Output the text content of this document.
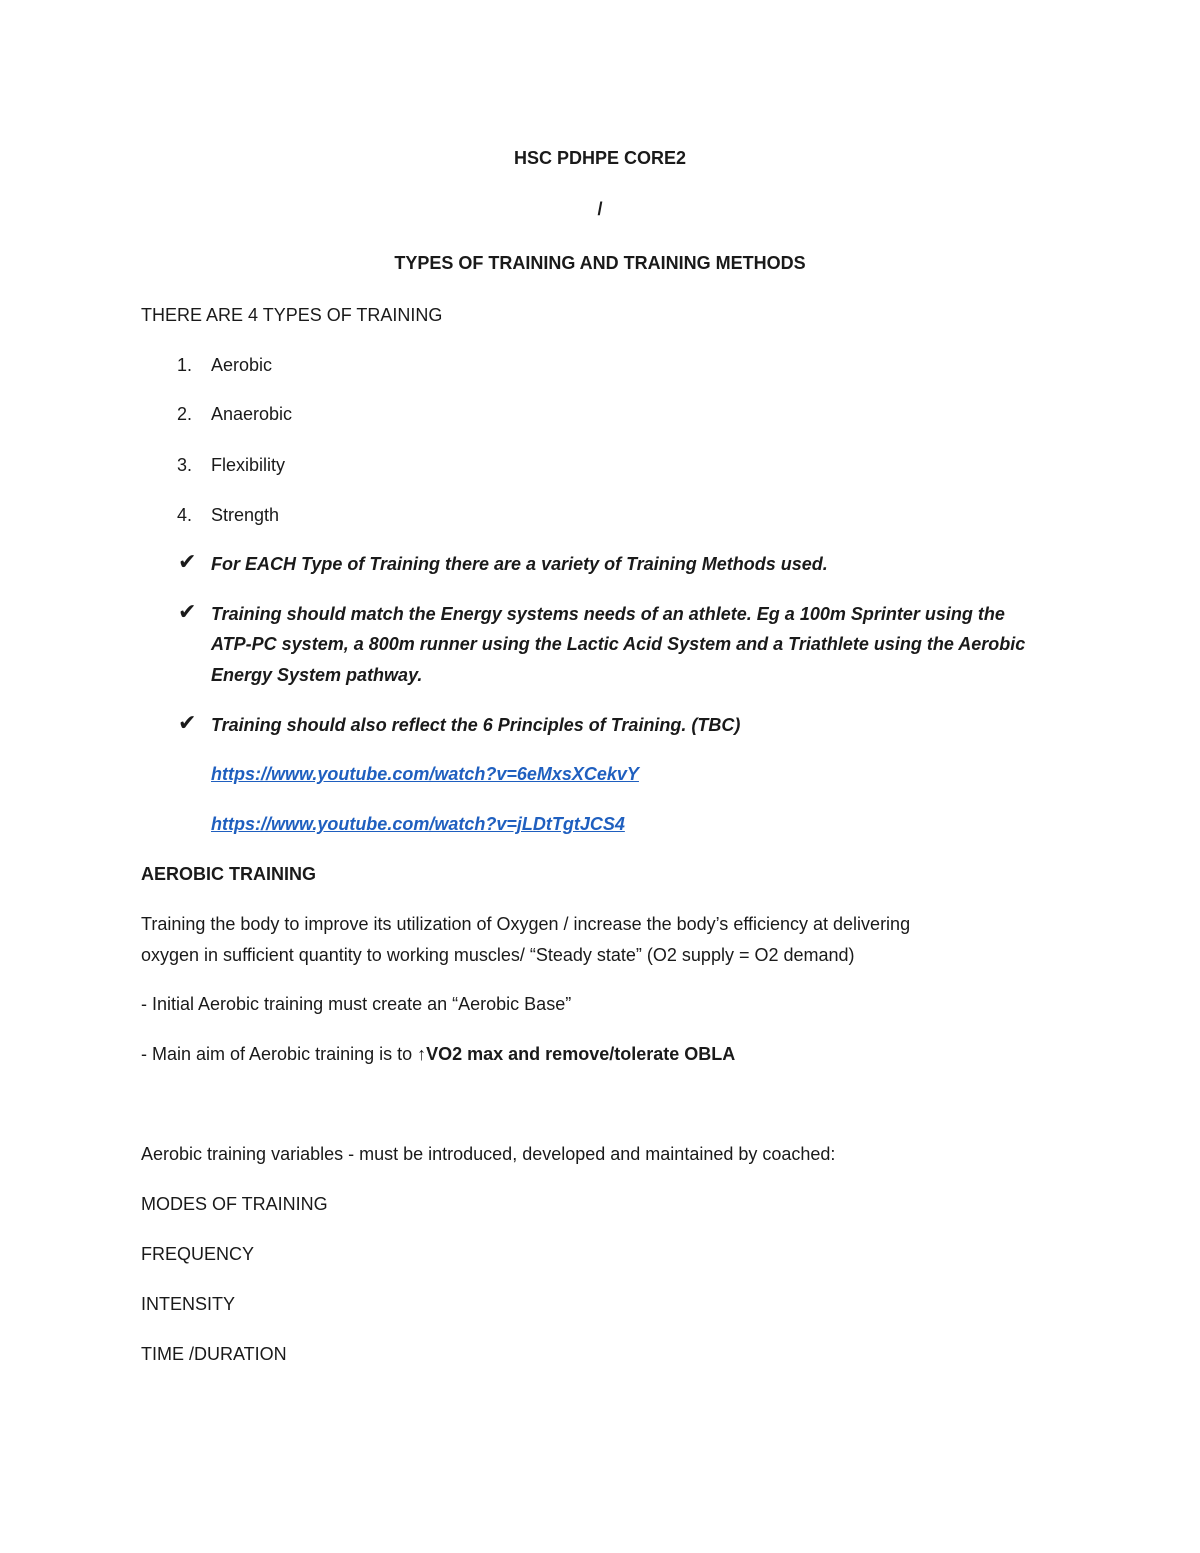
HSC PDHPE CORE2
/
TYPES OF TRAINING AND TRAINING METHODS
THERE ARE 4 TYPES OF TRAINING
1. Aerobic
2. Anaerobic
3. Flexibility
4. Strength
✔ For EACH Type of Training there are a variety of Training Methods used.
✔ Training should match the Energy systems needs of an athlete. Eg a 100m Sprinter using the
ATP-PC system, a 800m runner using the Lactic Acid System and a Triathlete using the Aerobic
Energy System pathway.
✔ Training should also reflect the 6 Principles of Training. (TBC)
https://www.youtube.com/watch?v=6eMxsXCekvY
https://www.youtube.com/watch?v=jLDtTgtJCS4
AEROBIC TRAINING
Training the body to improve its utilization of Oxygen / increase the body’s efficiency at delivering
oxygen in sufficient quantity to working muscles/ “Steady state” (O2 supply = O2 demand)
- Initial Aerobic training must create an “Aerobic Base”
- Main aim of Aerobic training is to ↑VO2 max and remove/tolerate OBLA
Aerobic training variables - must be introduced, developed and maintained by coached:
MODES OF TRAINING
FREQUENCY
INTENSITY
TIME /DURATION
